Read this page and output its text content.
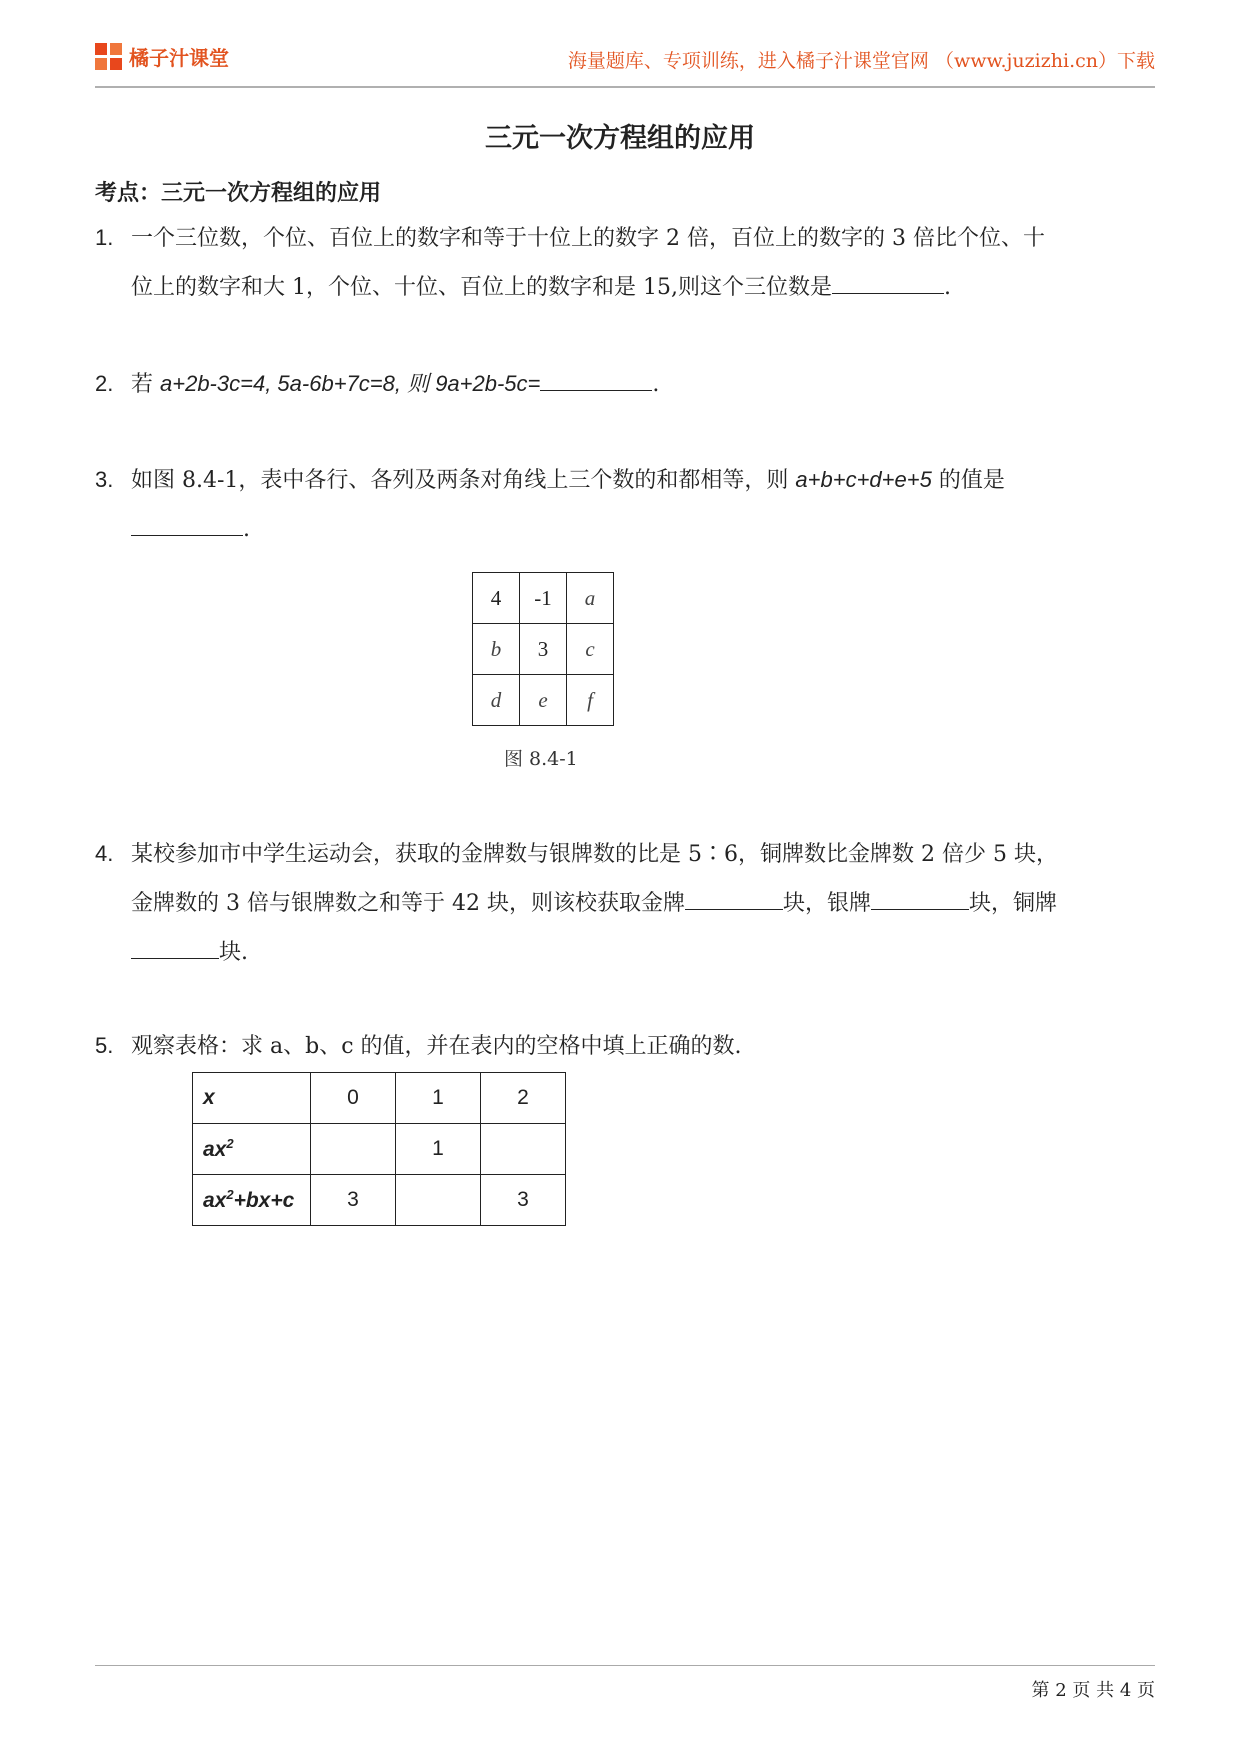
橘子汁课堂	海量题库、专项训练，进入橘子汁课堂官网 （www.juzizhi.cn）下载
三元一次方程组的应用
考点：三元一次方程组的应用
1. 一个三位数，个位、百位上的数字和等于十位上的数字 2 倍，百位上的数字的 3 倍比个位、十
位上的数字和大 1，个位、十位、百位上的数字和是 15,则这个三位数是	.
2. 若 a+2b-3c=4, 5a-6b+7c=8, 则 9a+2b-5c=	.
3. 如图 8.4-1，表中各行、各列及两条对角线上三个数的和都相等，则 a+b+c+d+e+5 的值是
.
4	-1	a
b	3	c
d	e	f
图 8.4-1
4. 某校参加市中学生运动会，获取的金牌数与银牌数的比是 5∶6，铜牌数比金牌数 2 倍少 5 块，
金牌数的 3 倍与银牌数之和等于 42 块，则该校获取金牌	块，银牌	块，铜牌
块.
5. 观察表格：求 a、b、c 的值，并在表内的空格中填上正确的数.
x	0	1	2
$ax^2$		1	
$ax^2+bx+c$	3		3
第 2 页 共 4 页
